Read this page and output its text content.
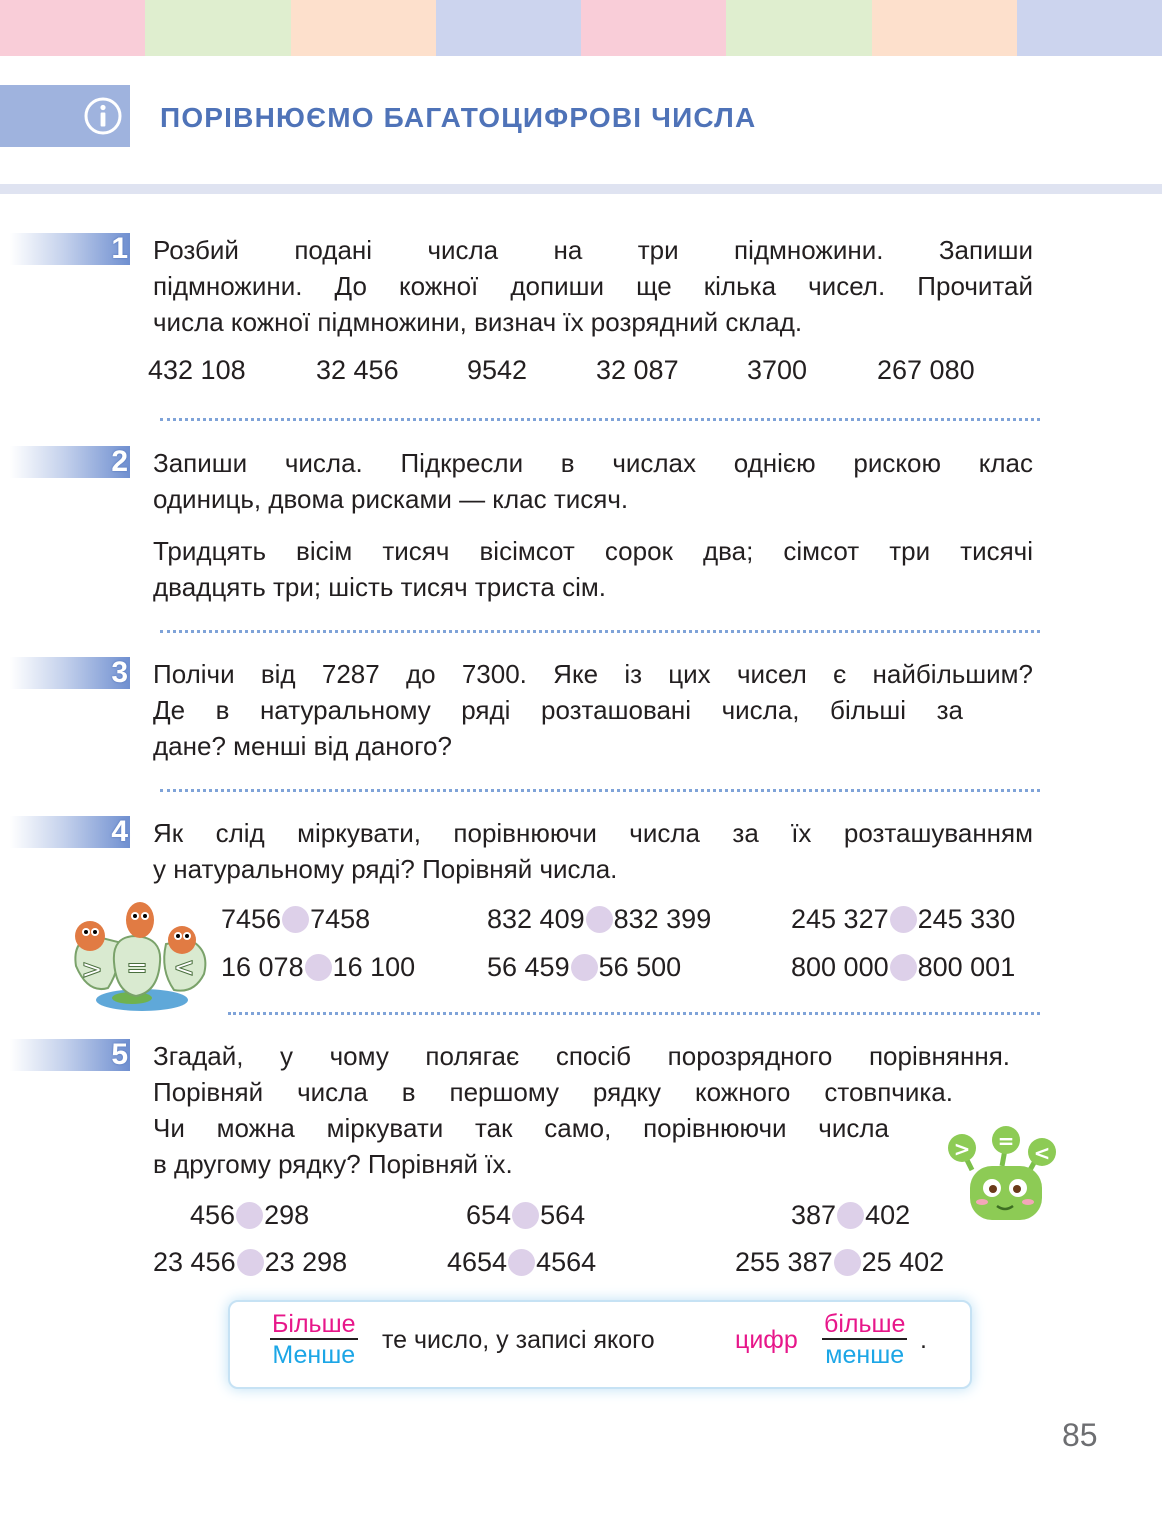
ПОРІВНЮЄМО БАГАТОЦИФРОВІ ЧИСЛА
1 Розбий подані числа на три підмножини. Запиши

підмножини. До кожної допиши ще кілька чисел. Прочитай

числа кожної підмножини, визнач їх розрядний склад.

432 108	32 456	9542	32 087	3700	267 080
2 Запиши числа. Підкресли в числах однією рискою клас

одиниць, двома рисками — клас тисяч.

Тридцять вісім тисяч вісімсот сорок два; сімсот три тисячі

двадцять три; шість тисяч триста сім.

3 Полічи від 7287 до 7300. Яке із цих чисел є найбільшим?

Де в натуральному ряді розташовані числа, більші за

дане? менші від даного?

4 Як слід міркувати, порівнюючи числа за їх розташуванням

у натуральному ряді? Порівняй числа.

> = <
7456 7458	832 409 832 399	245 327 245 330
16 078 16 100	56 459 56 500	800 000 800 001
5 Згадай, у чому полягає спосіб порозрядного порівняння.

Порівняй числа в першому рядку кожного стовпчика.

Чи можна міркувати так само, порівнюючи числа

в другому рядку? Порівняй їх.	> = <
456 298	654 564	387 402
23 456 23 298	4654 4564	255 387 25 402
Більше
Менше
те число, у записі якого	цифр
більше
менше
.
85
